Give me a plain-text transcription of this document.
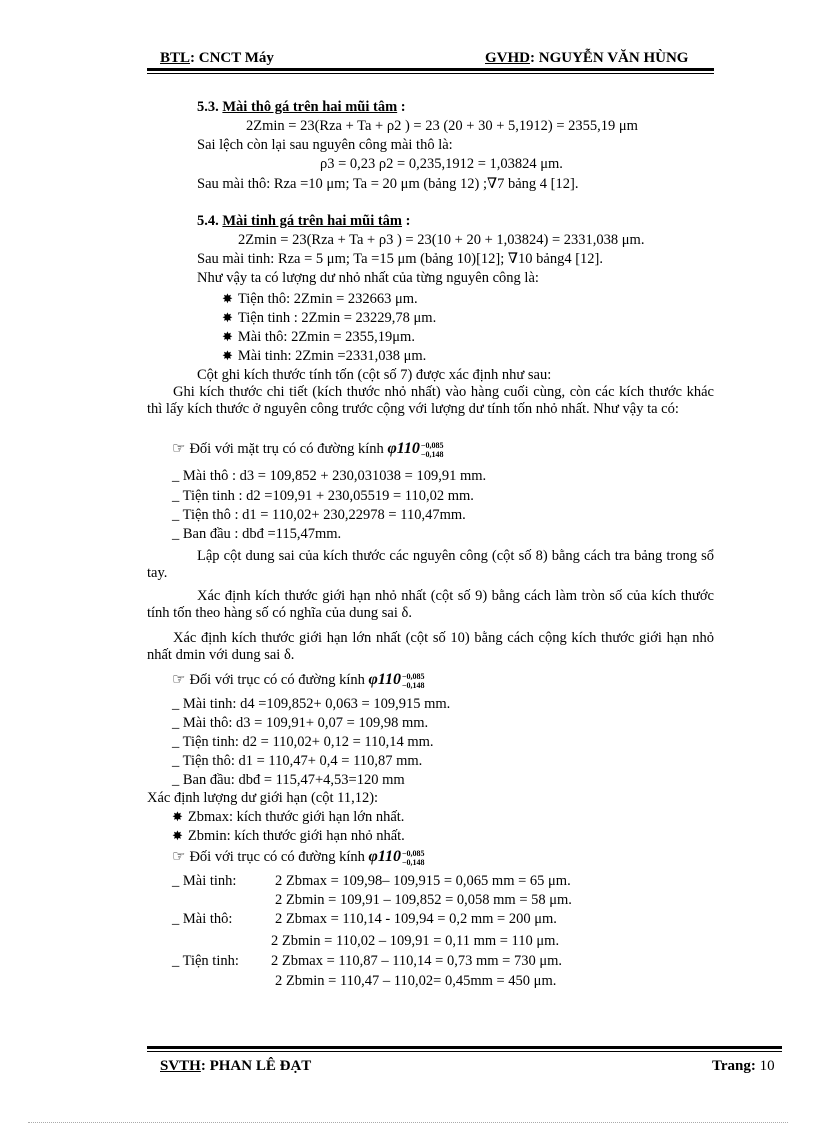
BTL: CNCT Máy	GVHD: NGUYỄN VĂN HÙNG
5.3. Mài thô gá trên hai mũi tâm :
2Zmin = 23(Rza + Ta + ρ2 ) = 23 (20 + 30 + 5,1912) = 2355,19 μm
Sai lệch còn lại sau nguyên công mài thô là:
ρ3 = 0,23 ρ2 = 0,235,1912 = 1,03824 μm.
Sau mài thô: Rza =10 μm; Ta = 20 μm (bảng 12) ;∇7 bảng 4 [12].
5.4. Mài tinh gá trên hai mũi tâm :
2Zmin = 23(Rza + Ta + ρ3 ) = 23(10 + 20 + 1,03824) = 2331,038 μm.
Sau mài tinh: Rza = 5 μm; Ta =15 μm (bảng 10)[12]; ∇10 bảng4 [12].
Như vậy ta có lượng dư nhỏ nhất của từng nguyên công là:
✸ Tiện thô: 2Zmin = 232663 μm.
✸ Tiện tinh : 2Zmin = 23229,78 μm.
✸ Mài thô: 2Zmin = 2355,19μm.
✸ Mài tinh: 2Zmin =2331,038 μm.
Cột ghi kích thước tính tốn (cột số 7) được xác định như sau:
Ghi kích thước chi tiết (kích thước nhỏ nhất) vào hàng cuối cùng, còn các kích thước khác thì lấy kích thước ở nguyên công trước cộng với lượng dư tính tốn nhỏ nhất. Như vậy ta có:
☞ Đối với mặt trụ có có đường kính φ110 −0,085
−0,148
_ Mài thô : d3 = 109,852 + 230,031038 = 109,91 mm.
_ Tiện tinh : d2 =109,91 + 230,05519 = 110,02 mm.
_ Tiện thô : d1 = 110,02+ 230,22978 = 110,47mm.
_ Ban đầu : dbđ =115,47mm.
Lập cột dung sai của kích thước các nguyên công (cột số 8) bằng cách tra bảng trong sổ tay.
Xác định kích thước giới hạn nhỏ nhất (cột số 9) bằng cách làm tròn số của kích thước tính tốn theo hàng số có nghĩa của dung sai δ.
Xác định kích thước giới hạn lớn nhất (cột số 10) bằng cách cộng kích thước giới hạn nhỏ nhất dmin với dung sai δ.
☞ Đối với trục có có đường kính φ110 −0,085
−0,148
_ Mài tinh: d4 =109,852+ 0,063 = 109,915 mm.
_ Mài thô: d3 = 109,91+ 0,07 = 109,98 mm.
_ Tiện tinh: d2 = 110,02+ 0,12 = 110,14 mm.
_ Tiện thô: d1 = 110,47+ 0,4 = 110,87 mm.
_ Ban đầu: dbđ = 115,47+4,53=120 mm
Xác định lượng dư giới hạn (cột 11,12):
✸ Zbmax: kích thước giới hạn lớn nhất.
✸ Zbmin: kích thước giới hạn nhỏ nhất.
☞ Đối với trục có có đường kính φ110 −0,085
−0,148
_ Mài tinh:	2 Zbmax = 109,98– 109,915 = 0,065 mm = 65 μm.
2 Zbmin = 109,91 – 109,852 = 0,058 mm = 58 μm.
_ Mài thô:	2 Zbmax = 110,14 - 109,94 = 0,2 mm = 200 μm.
2 Zbmin = 110,02 – 109,91 = 0,11 mm = 110 μm.
_ Tiện tinh: 2 Zbmax = 110,87 – 110,14 = 0,73 mm = 730 μm.
2 Zbmin = 110,47 – 110,02= 0,45mm = 450 μm.
SVTH: PHAN LÊ ĐẠT	Trang: 10
